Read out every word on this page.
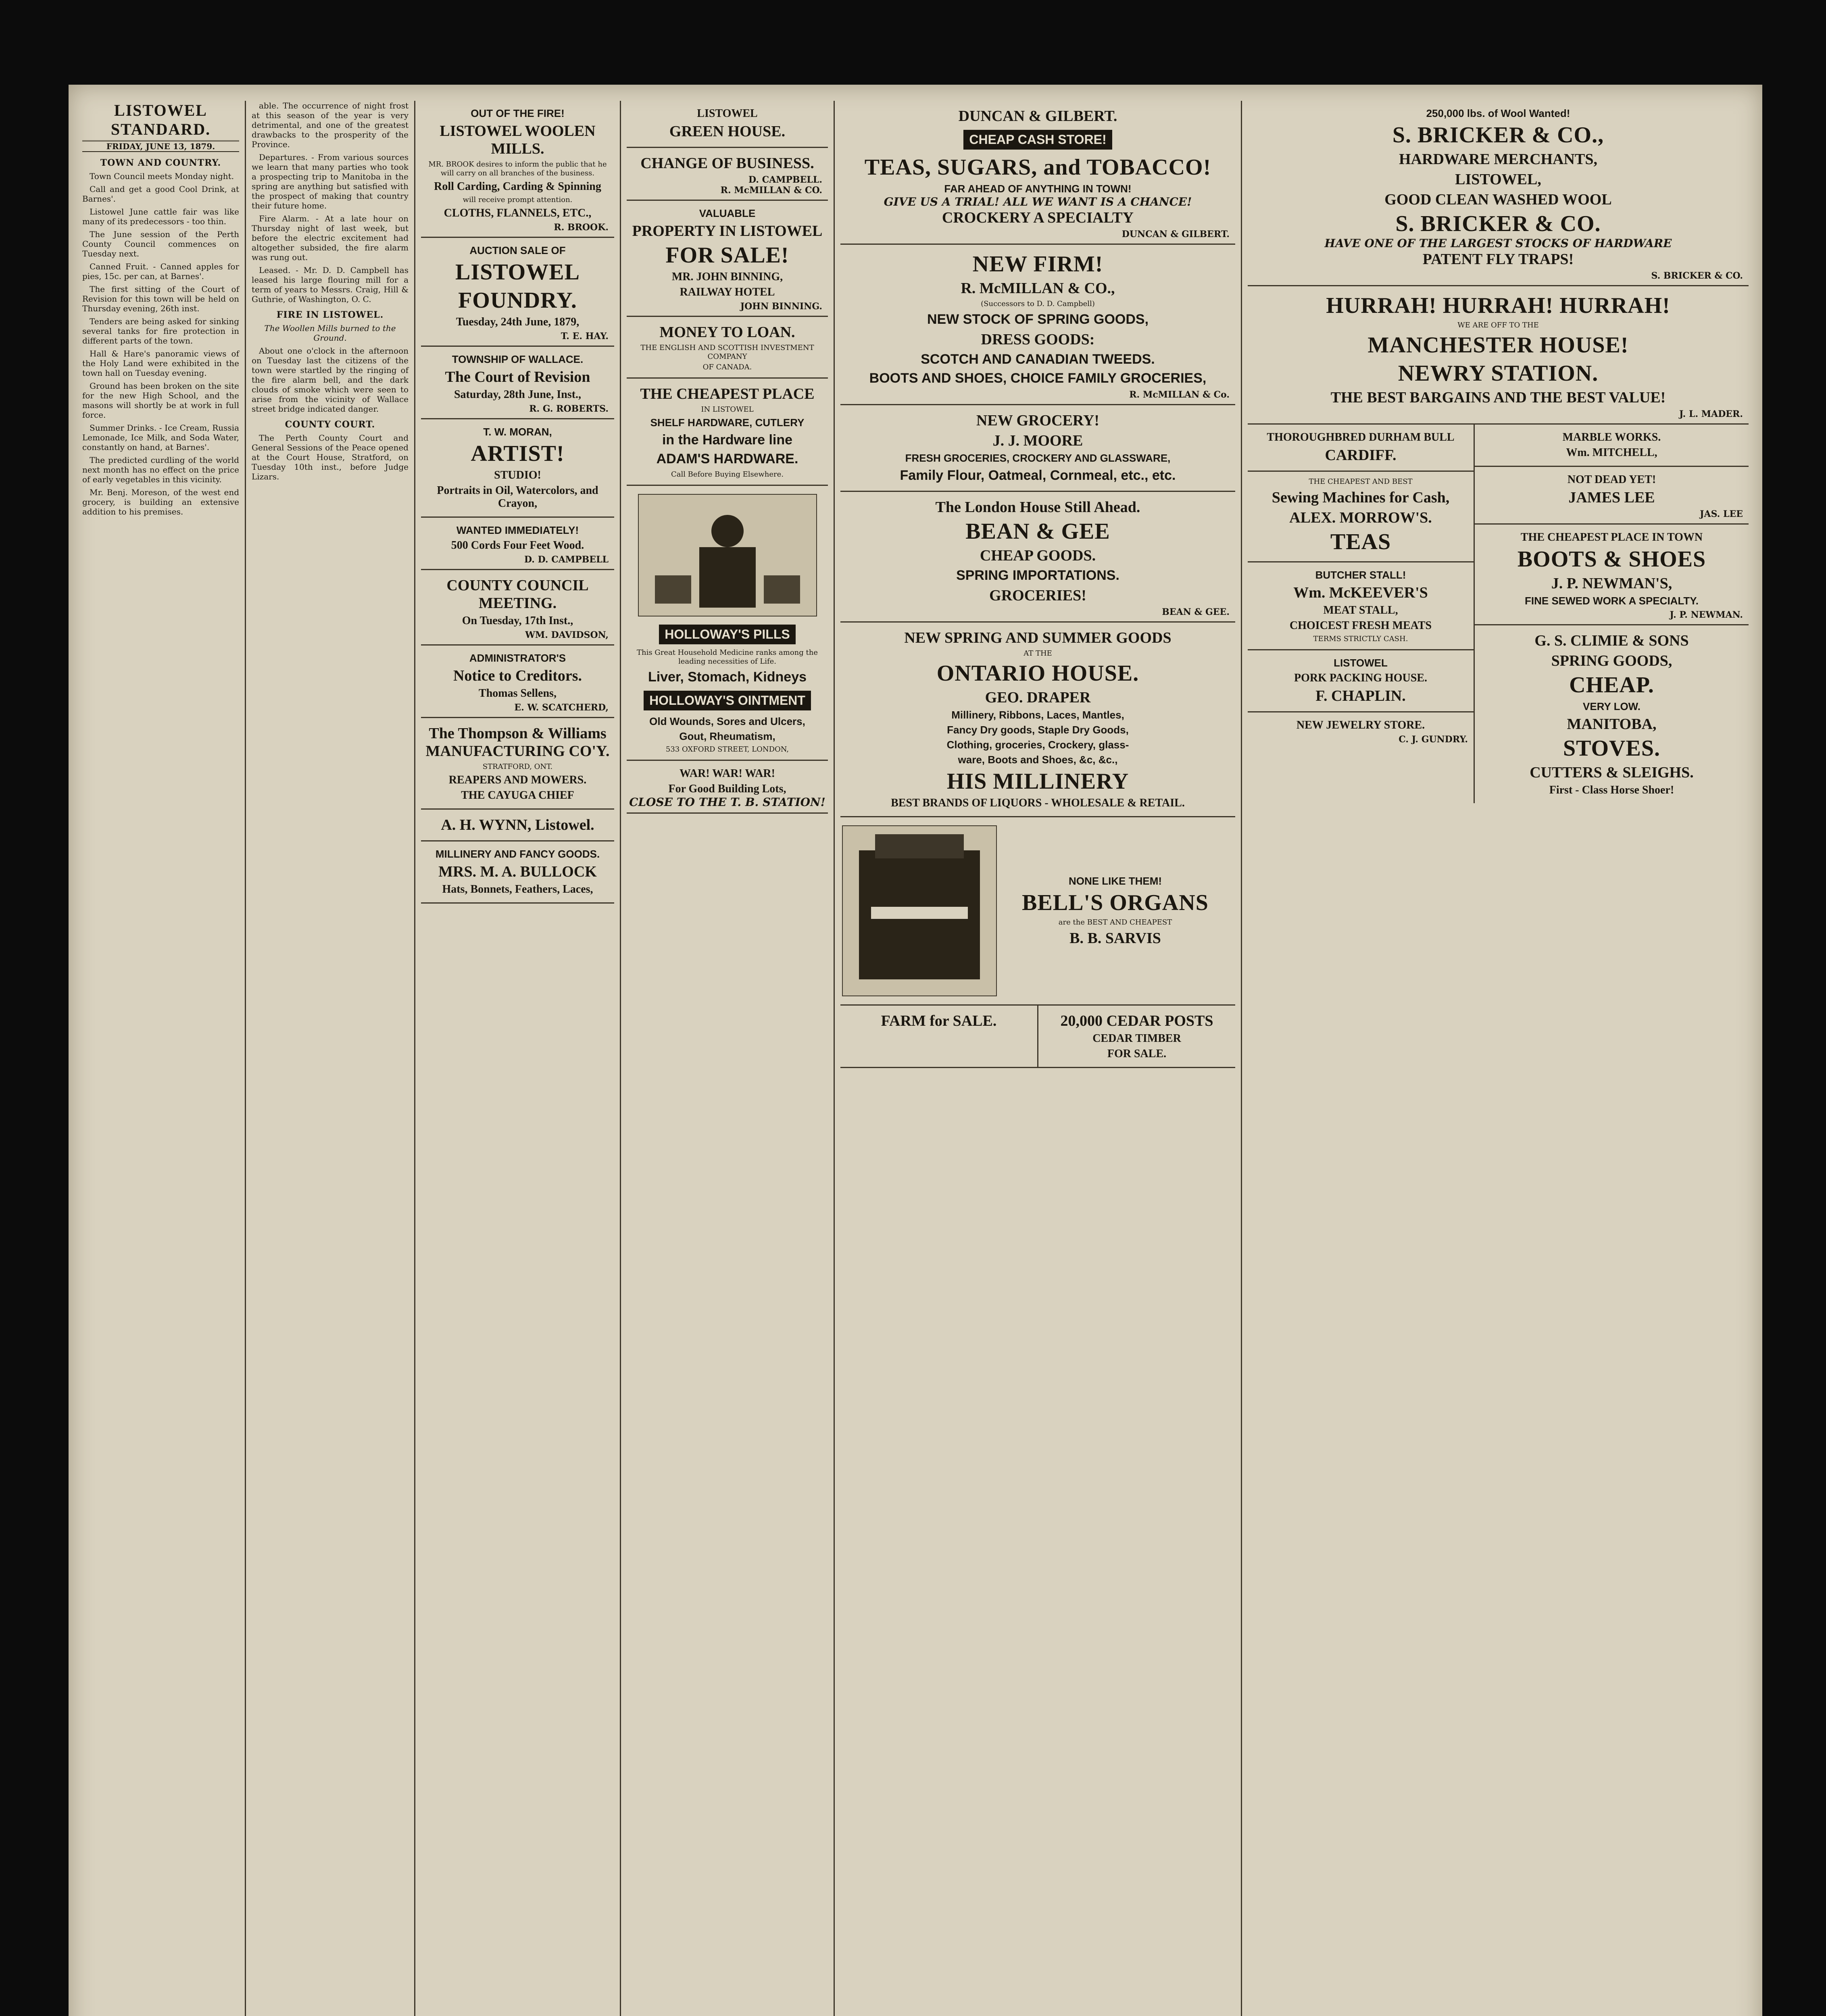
LISTOWEL STANDARD.
FRIDAY, JUNE 13, 1879.
TOWN AND COUNTRY.

Town Council meets Monday night.

Call and get a good Cool Drink, at Barnes'.

Listowel June cattle fair was like many of its predecessors - too thin.

The June session of the Perth County Council commences on Tuesday next.

Canned Fruit. - Canned apples for pies, 15c. per can, at Barnes'.

The first sitting of the Court of Revision for this town will be held on Thursday evening, 26th inst.

Tenders are being asked for sinking several tanks for fire protection in different parts of the town.

Hall & Hare's panoramic views of the Holy Land were exhibited in the town hall on Tuesday evening.

Ground has been broken on the site for the new High School, and the masons will shortly be at work in full force.

Summer Drinks. - Ice Cream, Russia Lemonade, Ice Milk, and Soda Water, constantly on hand, at Barnes'.

The predicted curdling of the world next month has no effect on the price of early vegetables in this vicinity.

Mr. Benj. Moreson, of the west end grocery, is building an extensive addition to his premises.

able. The occurrence of night frost at this season of the year is very detrimental, and one of the greatest drawbacks to the prosperity of the Province.

Departures. - From various sources we learn that many parties who took a prospecting trip to Manitoba in the spring are anything but satisfied with the prospect of making that country their future home.

Fire Alarm. - At a late hour on Thursday night of last week, but before the electric excitement had altogether subsided, the fire alarm was rung out.

Leased. - Mr. D. D. Campbell has leased his large flouring mill for a term of years to Messrs. Craig, Hill & Guthrie, of Washington, O. C.

FIRE IN LISTOWEL.
The Woollen Mills burned to the Ground.

About one o'clock in the afternoon on Tuesday last the citizens of the town were startled by the ringing of the fire alarm bell, and the dark clouds of smoke which were seen to arise from the vicinity of Wallace street bridge indicated danger.

COUNTY COURT.

The Perth County Court and General Sessions of the Peace opened at the Court House, Stratford, on Tuesday 10th inst., before Judge Lizars.

OUT OF THE FIRE!
LISTOWEL WOOLEN MILLS.

MR. BROOK desires to inform the public that he will carry on all branches of the business.

Roll Carding, Carding & Spinning

will receive prompt attention.

CLOTHS, FLANNELS, ETC.,
R. BROOK.
AUCTION SALE OF
LISTOWEL
FOUNDRY.
Tuesday, 24th June, 1879,
T. E. HAY.
TOWNSHIP OF WALLACE.
The Court of Revision
Saturday, 28th June, Inst.,
R. G. ROBERTS.
T. W. MORAN,
ARTIST!
STUDIO!
Portraits in Oil, Watercolors, and Crayon,
WANTED IMMEDIATELY!
500 Cords Four Feet Wood.
D. D. CAMPBELL
COUNTY COUNCIL MEETING.
On Tuesday, 17th Inst.,
WM. DAVIDSON,
ADMINISTRATOR'S
Notice to Creditors.
Thomas Sellens,
E. W. SCATCHERD,
The Thompson & Williams MANUFACTURING CO'Y.

STRATFORD, ONT.

REAPERS AND MOWERS.
THE CAYUGA CHIEF
A. H. WYNN, Listowel.
MILLINERY AND FANCY GOODS.
MRS. M. A. BULLOCK
Hats, Bonnets, Feathers, Laces,
LISTOWEL
GREEN HOUSE.
CHANGE OF BUSINESS.
D. CAMPBELL.
R. McMILLAN & CO.
VALUABLE
PROPERTY IN LISTOWEL
FOR SALE!
MR. JOHN BINNING,
RAILWAY HOTEL
JOHN BINNING.
MONEY TO LOAN.

THE ENGLISH AND SCOTTISH INVESTMENT COMPANY

OF CANADA.

THE CHEAPEST PLACE

IN LISTOWEL

SHELF HARDWARE, CUTLERY
in the Hardware line
ADAM'S HARDWARE.

Call Before Buying Elsewhere.

HOLLOWAY'S PILLS

This Great Household Medicine ranks among the leading necessities of Life.

Liver, Stomach, Kidneys
HOLLOWAY'S OINTMENT
Old Wounds, Sores and Ulcers,
Gout, Rheumatism,

533 OXFORD STREET, LONDON,

WAR! WAR! WAR!
For Good Building Lots,

CLOSE TO THE T. B. STATION!

DUNCAN & GILBERT.
CHEAP CASH STORE!
TEAS, SUGARS, and TOBACCO!
FAR AHEAD OF ANYTHING IN TOWN!

GIVE US A TRIAL! ALL WE WANT IS A CHANCE!

CROCKERY A SPECIALTY
DUNCAN & GILBERT.
NEW FIRM!
R. McMILLAN & CO.,

(Successors to D. D. Campbell)

NEW STOCK OF SPRING GOODS,
DRESS GOODS:
SCOTCH AND CANADIAN TWEEDS.
BOOTS AND SHOES, CHOICE FAMILY GROCERIES,
R. McMILLAN & Co.
NEW GROCERY!
J. J. MOORE
FRESH GROCERIES, CROCKERY AND GLASSWARE,
Family Flour, Oatmeal, Cornmeal, etc., etc.
The London House Still Ahead.
BEAN & GEE
CHEAP GOODS.
SPRING IMPORTATIONS.
GROCERIES!
BEAN & GEE.
NEW SPRING AND SUMMER GOODS

AT THE

ONTARIO HOUSE.
GEO. DRAPER
Millinery, Ribbons, Laces, Mantles,
Fancy Dry goods, Staple Dry Goods,
Clothing, groceries, Crockery, glass-
ware, Boots and Shoes, &c, &c.,
HIS MILLINERY
BEST BRANDS OF LIQUORS - WHOLESALE & RETAIL.
NONE LIKE THEM!
BELL'S ORGANS

are the BEST AND CHEAPEST

B. B. SARVIS
FARM for SALE.	20,000 CEDAR POSTS
CEDAR TIMBER
FOR SALE.
250,000 lbs. of Wool Wanted!
S. BRICKER & CO.,
HARDWARE MERCHANTS,
LISTOWEL,
GOOD CLEAN WASHED WOOL
S. BRICKER & CO.

HAVE ONE OF THE LARGEST STOCKS OF HARDWARE

PATENT FLY TRAPS!
S. BRICKER & CO.
HURRAH! HURRAH! HURRAH!

WE ARE OFF TO THE

MANCHESTER HOUSE!
NEWRY STATION.
THE BEST BARGAINS AND THE BEST VALUE!
J. L. MADER.
THOROUGHBRED DURHAM BULL
CARDIFF.

THE CHEAPEST AND BEST

Sewing Machines for Cash,
ALEX. MORROW'S.
TEAS
BUTCHER STALL!
Wm. McKEEVER'S
MEAT STALL,
CHOICEST FRESH MEATS

TERMS STRICTLY CASH.

LISTOWEL
PORK PACKING HOUSE.
F. CHAPLIN.
NEW JEWELRY STORE.
C. J. GUNDRY.
MARBLE WORKS.
Wm. MITCHELL,
NOT DEAD YET!
JAMES LEE
JAS. LEE
THE CHEAPEST PLACE IN TOWN
BOOTS & SHOES
J. P. NEWMAN'S,
FINE SEWED WORK A SPECIALTY.
J. P. NEWMAN.
G. S. CLIMIE & SONS
SPRING GOODS,
CHEAP.
VERY LOW.
MANITOBA,
STOVES.
CUTTERS & SLEIGHS.
First - Class Horse Shoer!
